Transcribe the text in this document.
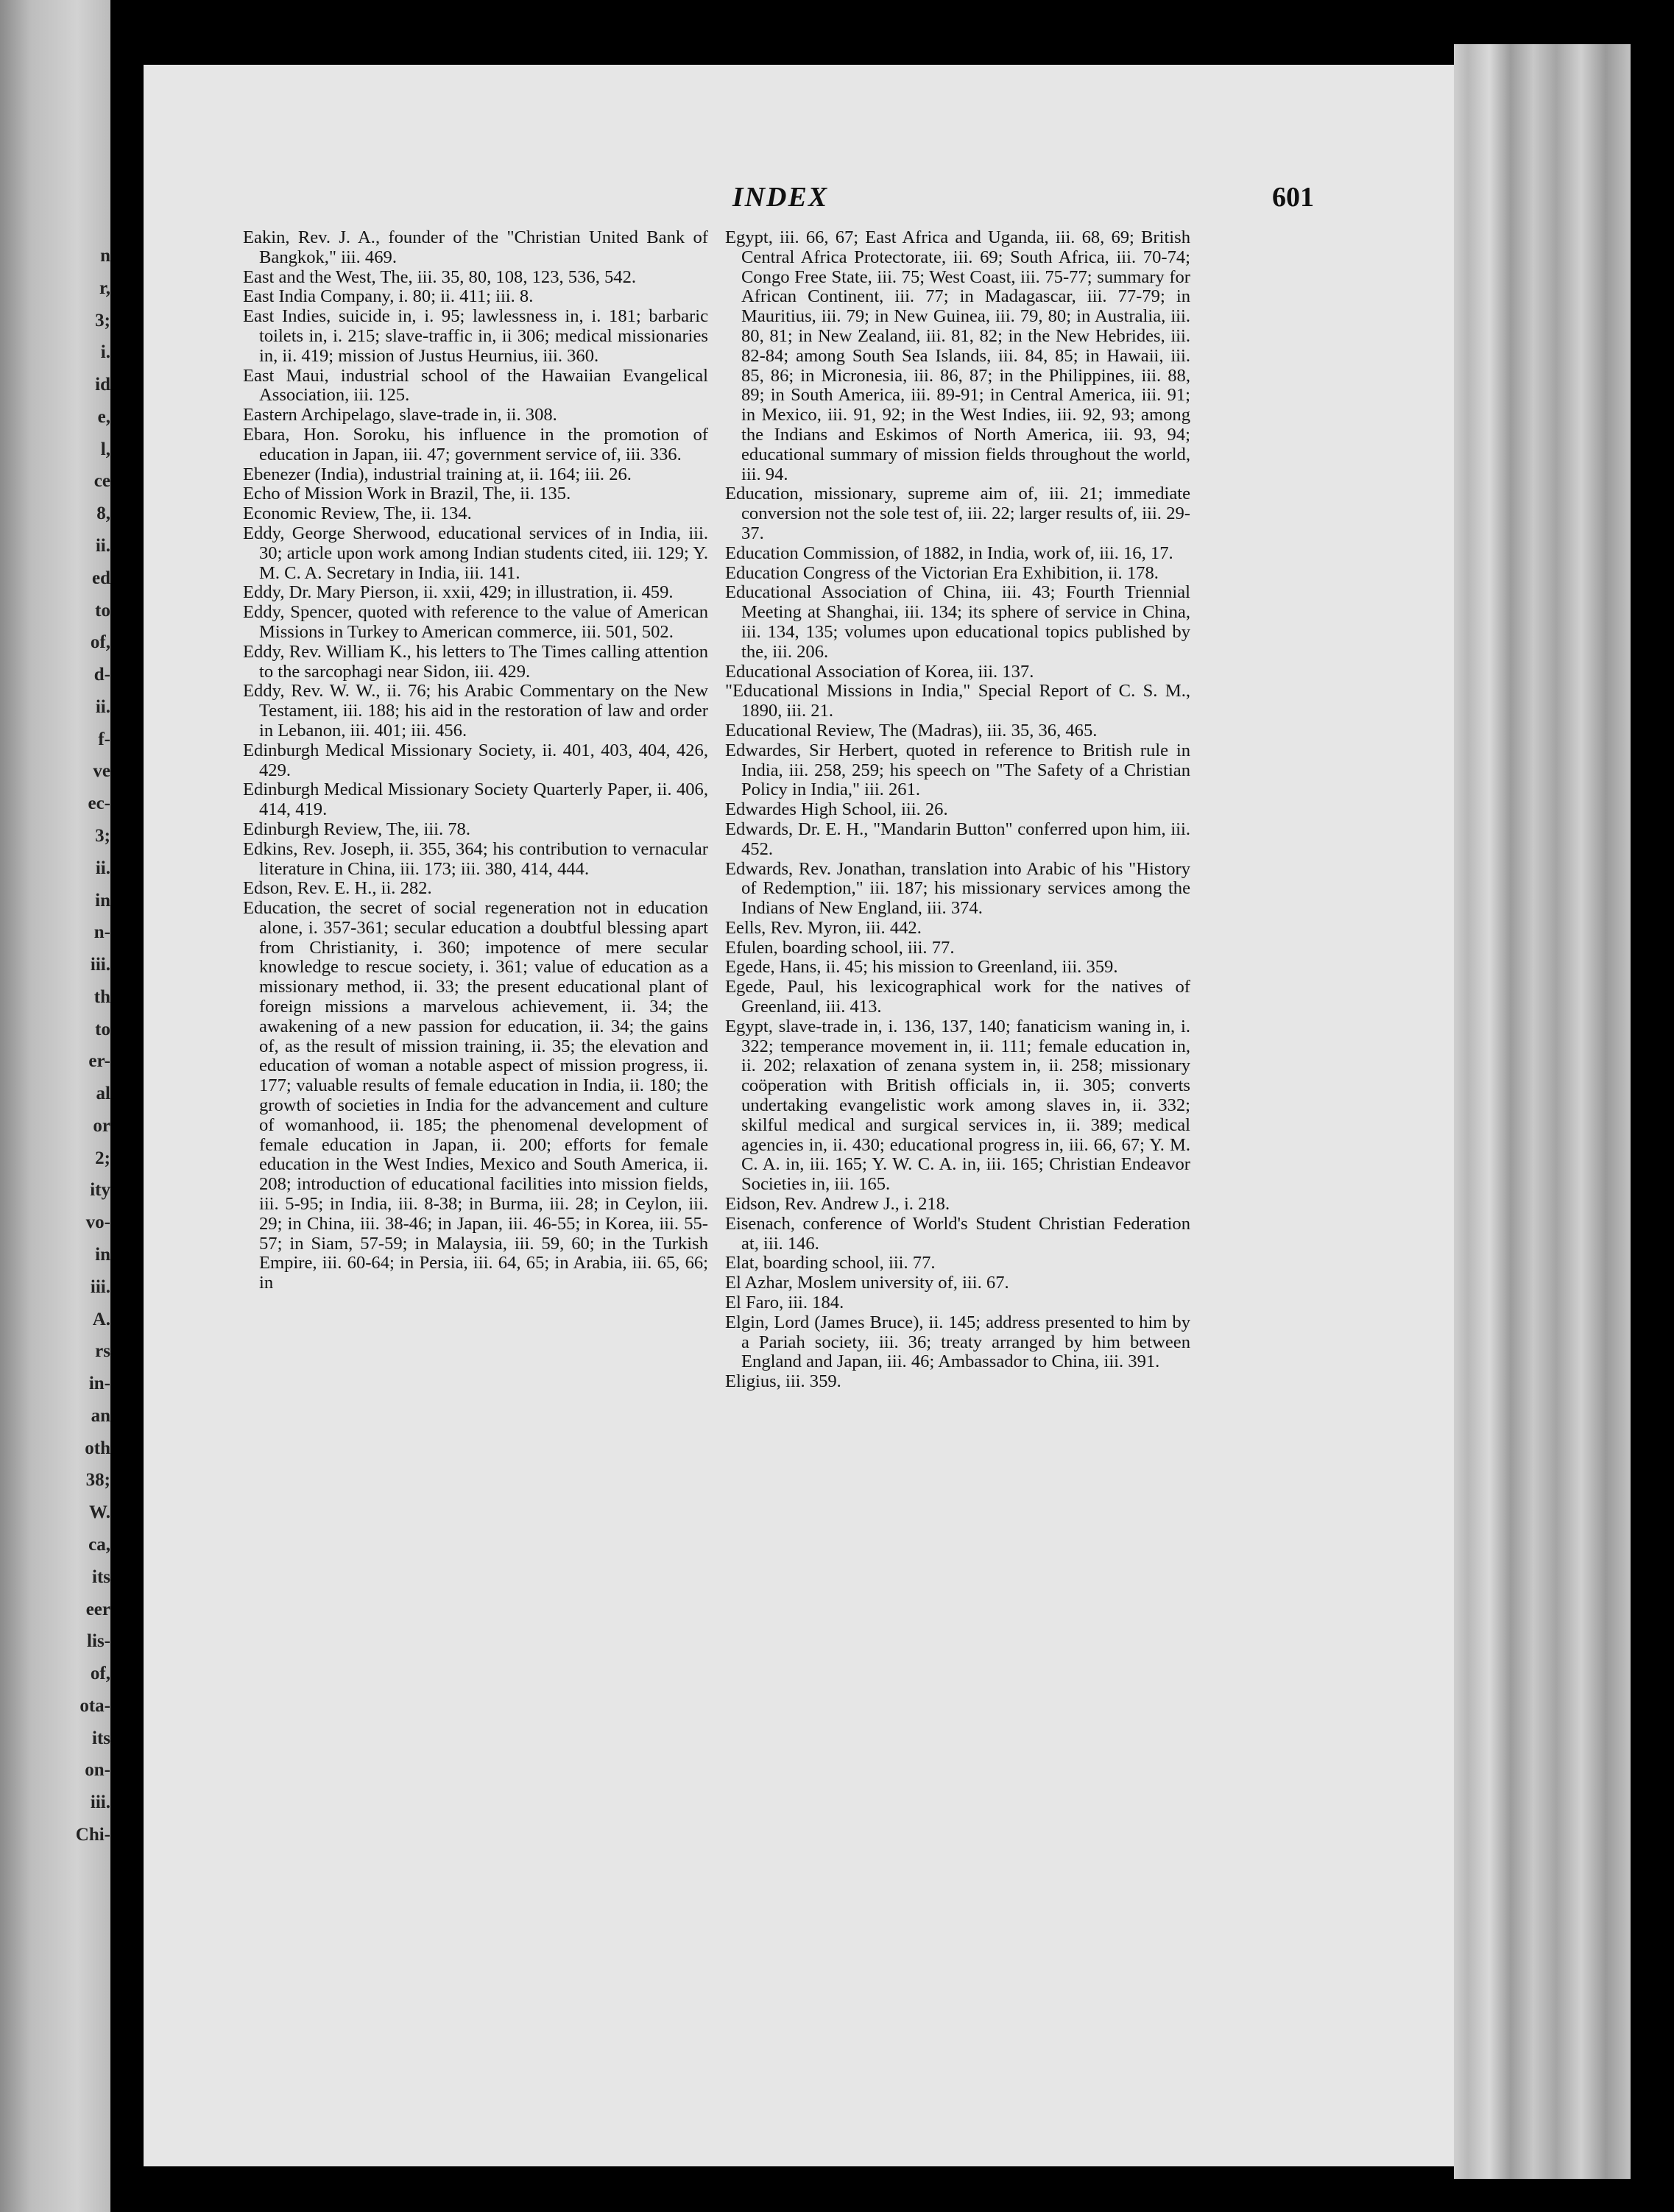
n
r,
3;
i.
id
e,
l,
ce
8,
ii.
ed
to
of,
d-
ii.
f-
ve
ec-
3;
ii.
in
n-
iii.
th
to
er-
al
or
2;
ity
vo-
in
iii.
A.
rs
in-
an
oth
38;
W.
ca,
its
eer
lis-
of,
ota-
its
on-
iii.
Chi-
INDEX	601

Eakin, Rev. J. A., founder of the "Christian United Bank of Bangkok," iii. 469.

East and the West, The, iii. 35, 80, 108, 123, 536, 542.

East India Company, i. 80; ii. 411; iii. 8.

East Indies, suicide in, i. 95; lawlessness in, i. 181; barbaric toilets in, i. 215; slave-traffic in, ii 306; medical missionaries in, ii. 419; mission of Justus Heurnius, iii. 360.

East Maui, industrial school of the Hawaiian Evangelical Association, iii. 125.

Eastern Archipelago, slave-trade in, ii. 308.

Ebara, Hon. Soroku, his influence in the promotion of education in Japan, iii. 47; government service of, iii. 336.

Ebenezer (India), industrial training at, ii. 164; iii. 26.

Echo of Mission Work in Brazil, The, ii. 135.

Economic Review, The, ii. 134.

Eddy, George Sherwood, educational services of in India, iii. 30; article upon work among Indian students cited, iii. 129; Y. M. C. A. Secretary in India, iii. 141.

Eddy, Dr. Mary Pierson, ii. xxii, 429; in illustration, ii. 459.

Eddy, Spencer, quoted with reference to the value of American Missions in Turkey to American commerce, iii. 501, 502.

Eddy, Rev. William K., his letters to The Times calling attention to the sarcophagi near Sidon, iii. 429.

Eddy, Rev. W. W., ii. 76; his Arabic Commentary on the New Testament, iii. 188; his aid in the restoration of law and order in Lebanon, iii. 401; iii. 456.

Edinburgh Medical Missionary Society, ii. 401, 403, 404, 426, 429.

Edinburgh Medical Missionary Society Quarterly Paper, ii. 406, 414, 419.

Edinburgh Review, The, iii. 78.

Edkins, Rev. Joseph, ii. 355, 364; his contribution to vernacular literature in China, iii. 173; iii. 380, 414, 444.

Edson, Rev. E. H., ii. 282.

Education, the secret of social regeneration not in education alone, i. 357-361; secular education a doubtful blessing apart from Christianity, i. 360; impotence of mere secular knowledge to rescue society, i. 361; value of education as a missionary method, ii. 33; the present educational plant of foreign missions a marvelous achievement, ii. 34; the awakening of a new passion for education, ii. 34; the gains of, as the result of mission training, ii. 35; the elevation and education of woman a notable aspect of mission progress, ii. 177; valuable results of female education in India, ii. 180; the growth of societies in India for the advancement and culture of womanhood, ii. 185; the phenomenal development of female education in Japan, ii. 200; efforts for female education in the West Indies, Mexico and South America, ii. 208; introduction of educational facilities into mission fields, iii. 5-95; in India, iii. 8-38; in Burma, iii. 28; in Ceylon, iii. 29; in China, iii. 38-46; in Japan, iii. 46-55; in Korea, iii. 55-57; in Siam, 57-59; in Malaysia, iii. 59, 60; in the Turkish Empire, iii. 60-64; in Persia, iii. 64, 65; in Arabia, iii. 65, 66; in

Egypt, iii. 66, 67; East Africa and Uganda, iii. 68, 69; British Central Africa Protectorate, iii. 69; South Africa, iii. 70-74; Congo Free State, iii. 75; West Coast, iii. 75-77; summary for African Continent, iii. 77; in Madagascar, iii. 77-79; in Mauritius, iii. 79; in New Guinea, iii. 79, 80; in Australia, iii. 80, 81; in New Zealand, iii. 81, 82; in the New Hebrides, iii. 82-84; among South Sea Islands, iii. 84, 85; in Hawaii, iii. 85, 86; in Micronesia, iii. 86, 87; in the Philippines, iii. 88, 89; in South America, iii. 89-91; in Central America, iii. 91; in Mexico, iii. 91, 92; in the West Indies, iii. 92, 93; among the Indians and Eskimos of North America, iii. 93, 94; educational summary of mission fields throughout the world, iii. 94.

Education, missionary, supreme aim of, iii. 21; immediate conversion not the sole test of, iii. 22; larger results of, iii. 29-37.

Education Commission, of 1882, in India, work of, iii. 16, 17.

Education Congress of the Victorian Era Exhibition, ii. 178.

Educational Association of China, iii. 43; Fourth Triennial Meeting at Shanghai, iii. 134; its sphere of service in China, iii. 134, 135; volumes upon educational topics published by the, iii. 206.

Educational Association of Korea, iii. 137.

"Educational Missions in India," Special Report of C. S. M., 1890, iii. 21.

Educational Review, The (Madras), iii. 35, 36, 465.

Edwardes, Sir Herbert, quoted in reference to British rule in India, iii. 258, 259; his speech on "The Safety of a Christian Policy in India," iii. 261.

Edwardes High School, iii. 26.

Edwards, Dr. E. H., "Mandarin Button" conferred upon him, iii. 452.

Edwards, Rev. Jonathan, translation into Arabic of his "History of Redemption," iii. 187; his missionary services among the Indians of New England, iii. 374.

Eells, Rev. Myron, iii. 442.

Efulen, boarding school, iii. 77.

Egede, Hans, ii. 45; his mission to Greenland, iii. 359.

Egede, Paul, his lexicographical work for the natives of Greenland, iii. 413.

Egypt, slave-trade in, i. 136, 137, 140; fanaticism waning in, i. 322; temperance movement in, ii. 111; female education in, ii. 202; relaxation of zenana system in, ii. 258; missionary coöperation with British officials in, ii. 305; converts undertaking evangelistic work among slaves in, ii. 332; skilful medical and surgical services in, ii. 389; medical agencies in, ii. 430; educational progress in, iii. 66, 67; Y. M. C. A. in, iii. 165; Y. W. C. A. in, iii. 165; Christian Endeavor Societies in, iii. 165.

Eidson, Rev. Andrew J., i. 218.

Eisenach, conference of World's Student Christian Federation at, iii. 146.

Elat, boarding school, iii. 77.

El Azhar, Moslem university of, iii. 67.

El Faro, iii. 184.

Elgin, Lord (James Bruce), ii. 145; address presented to him by a Pariah society, iii. 36; treaty arranged by him between England and Japan, iii. 46; Ambassador to China, iii. 391.

Eligius, iii. 359.
